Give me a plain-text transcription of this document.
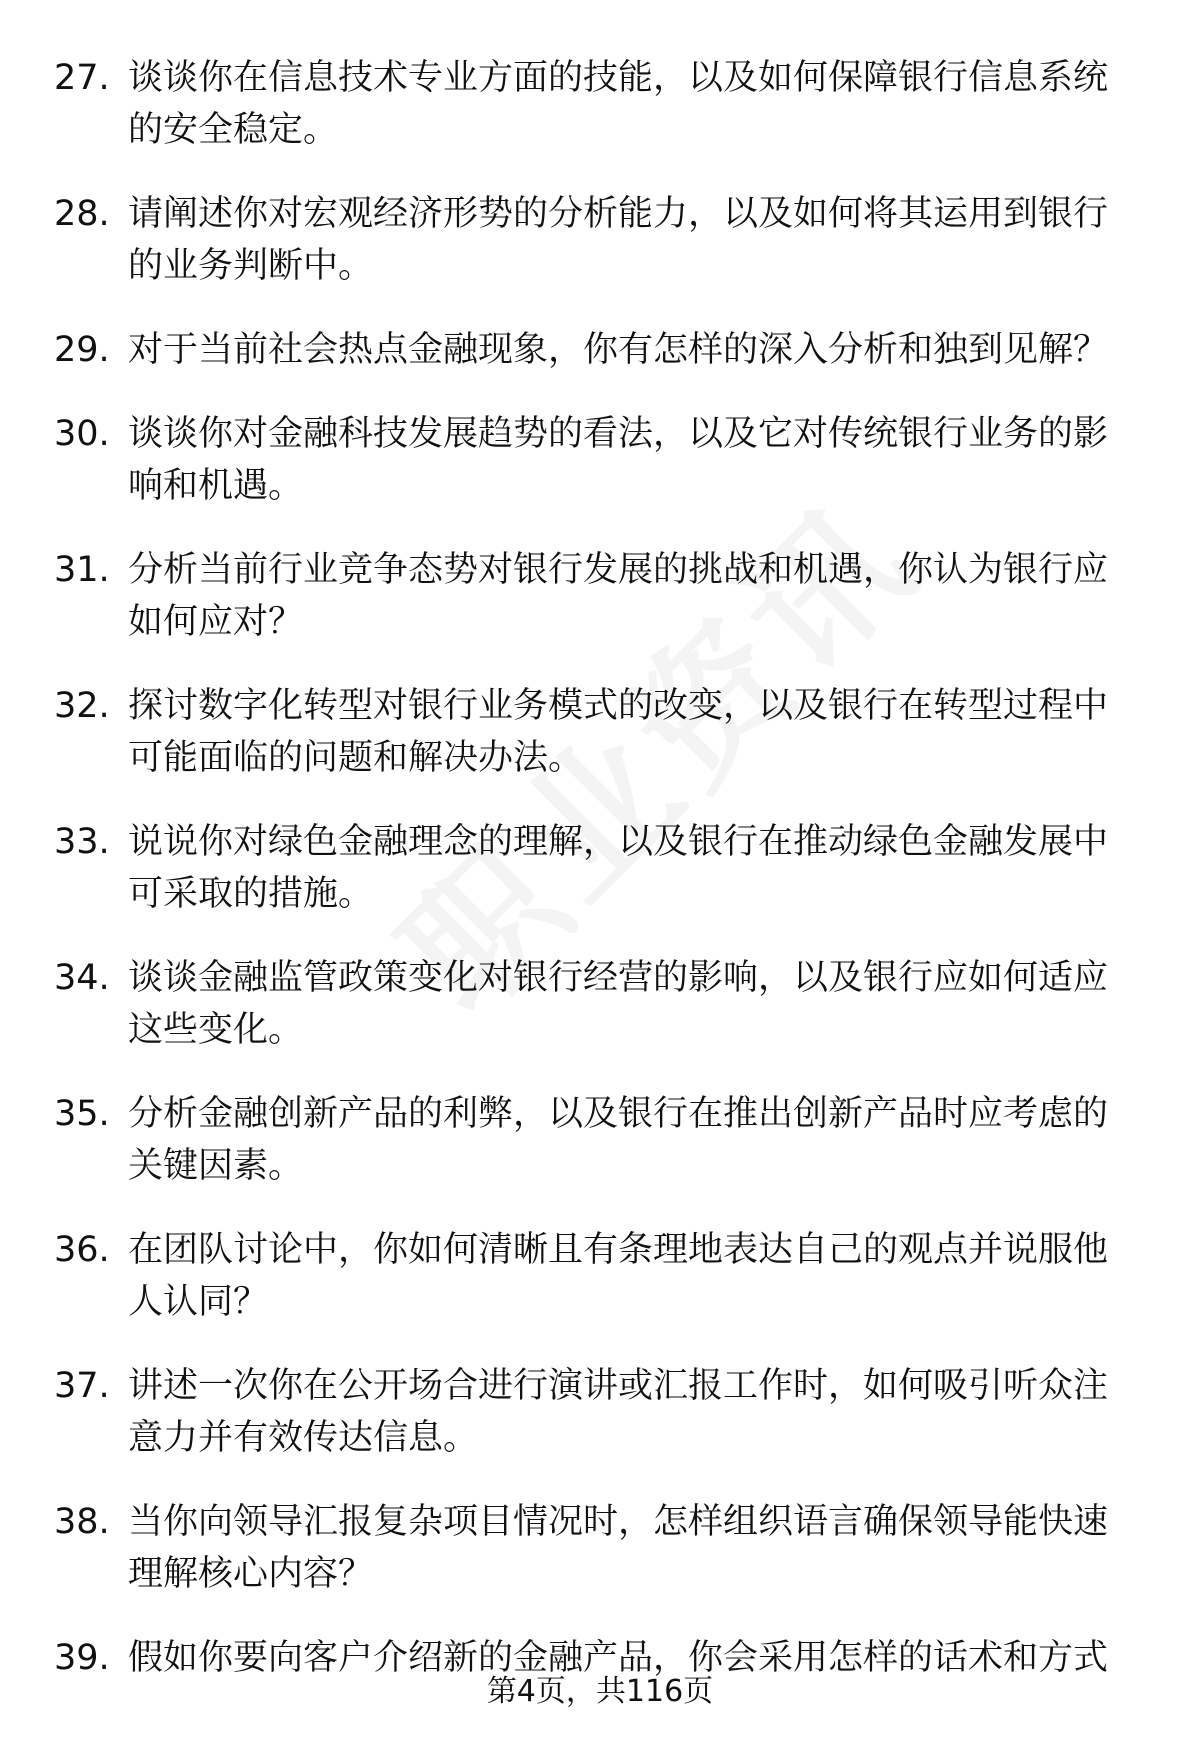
27. 谈谈你在信息技术专业方面的技能，以及如何保障银行信息系统的安全稳定。
28. 请阐述你对宏观经济形势的分析能力，以及如何将其运用到银行的业务判断中。
29. 对于当前社会热点金融现象，你有怎样的深入分析和独到见解？
30. 谈谈你对金融科技发展趋势的看法，以及它对传统银行业务的影响和机遇。
31. 分析当前行业竞争态势对银行发展的挑战和机遇，你认为银行应如何应对？
32. 探讨数字化转型对银行业务模式的改变，以及银行在转型过程中可能面临的问题和解决办法。
33. 说说你对绿色金融理念的理解，以及银行在推动绿色金融发展中可采取的措施。
34. 谈谈金融监管政策变化对银行经营的影响，以及银行应如何适应这些变化。
35. 分析金融创新产品的利弊，以及银行在推出创新产品时应考虑的关键因素。
36. 在团队讨论中，你如何清晰且有条理地表达自己的观点并说服他人认同？
37. 讲述一次你在公开场合进行演讲或汇报工作时，如何吸引听众注意力并有效传达信息。
38. 当你向领导汇报复杂项目情况时，怎样组织语言确保领导能快速理解核心内容？
39. 假如你要向客户介绍新的金融产品，你会采用怎样的话术和方式
第4页，共116页
